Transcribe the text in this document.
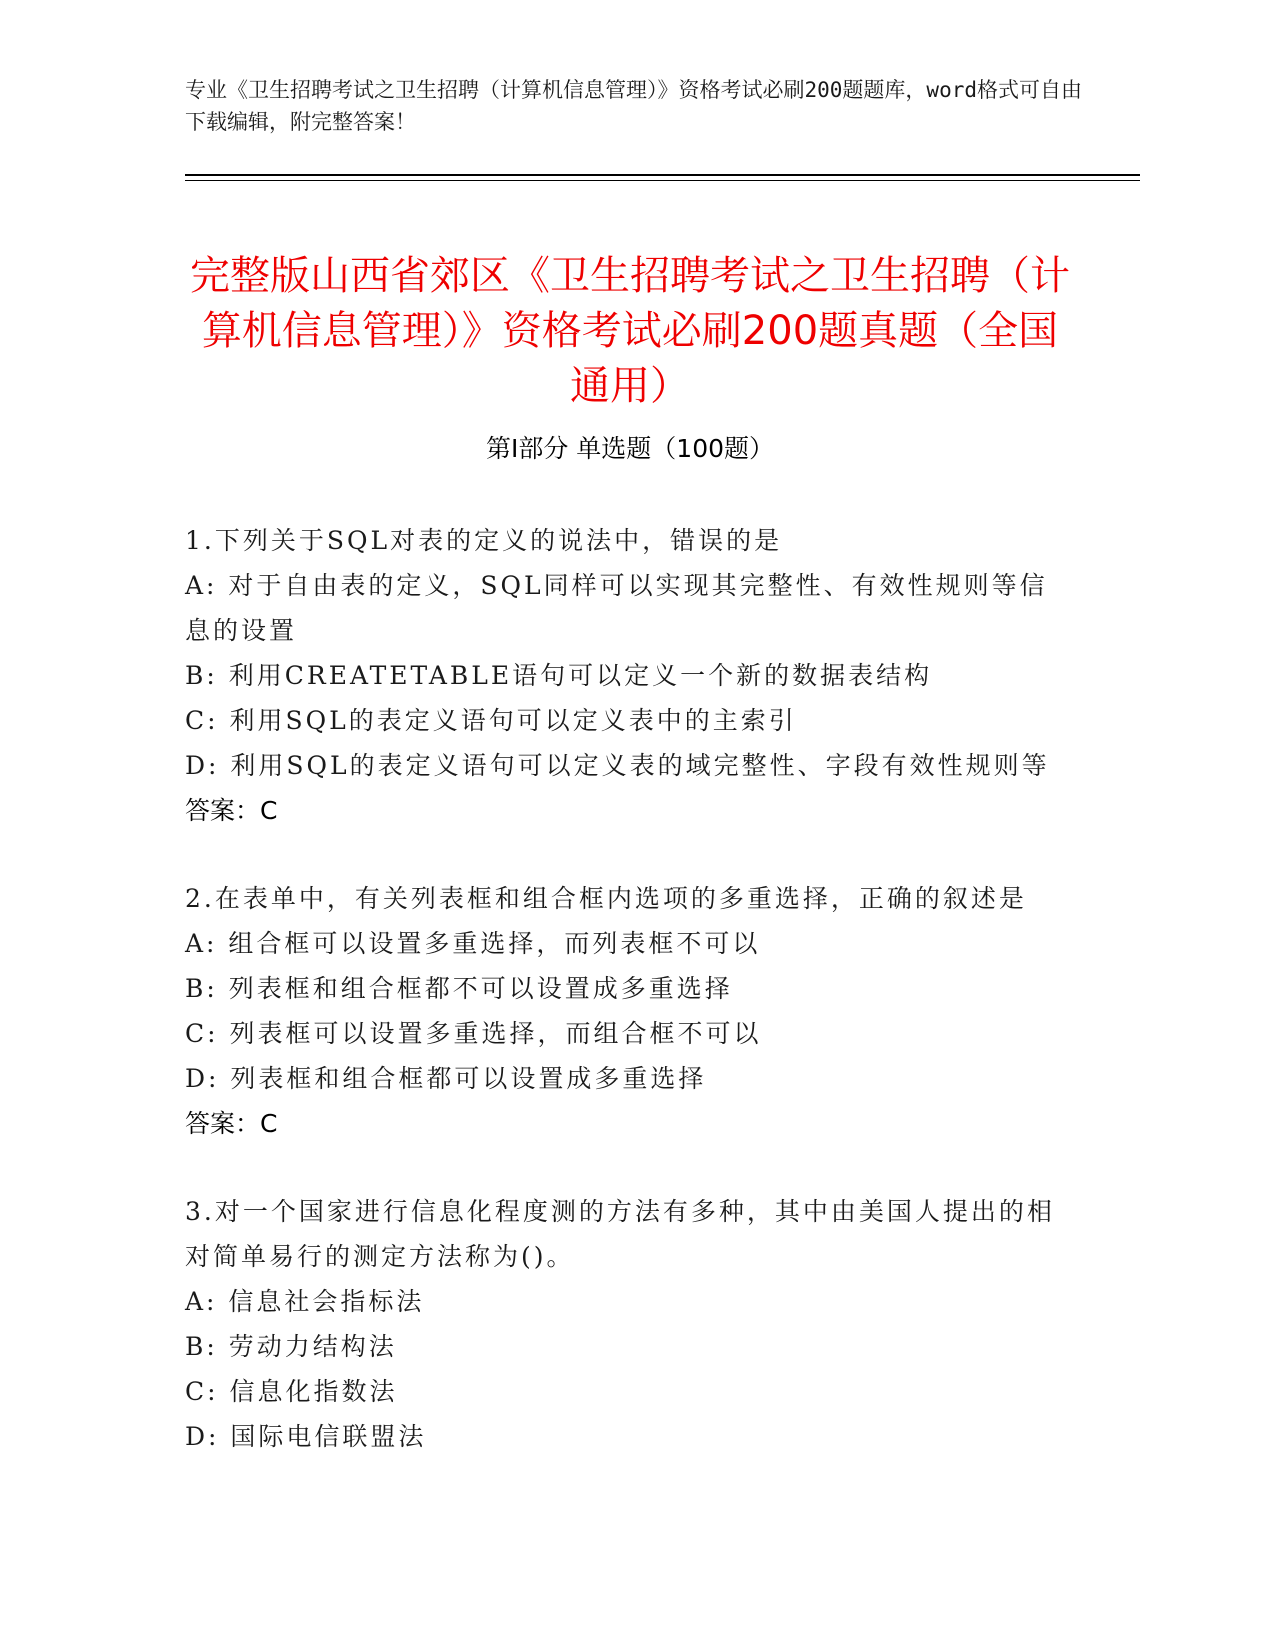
专业《卫生招聘考试之卫生招聘（计算机信息管理）》资格考试必刷200题题库，word格式可自由下载编辑，附完整答案！
完整版山西省郊区《卫生招聘考试之卫生招聘（计算机信息管理）》资格考试必刷200题真题（全国通用）
第Ⅰ部分 单选题（100题）
1.下列关于SQL对表的定义的说法中，错误的是
A: 对于自由表的定义，SQL同样可以实现其完整性、有效性规则等信息的设置
B: 利用CREATETABLE语句可以定义一个新的数据表结构
C: 利用SQL的表定义语句可以定义表中的主索引
D: 利用SQL的表定义语句可以定义表的域完整性、字段有效性规则等
答案：C
2.在表单中，有关列表框和组合框内选项的多重选择，正确的叙述是
A: 组合框可以设置多重选择，而列表框不可以
B: 列表框和组合框都不可以设置成多重选择
C: 列表框可以设置多重选择，而组合框不可以
D: 列表框和组合框都可以设置成多重选择
答案：C
3.对一个国家进行信息化程度测的方法有多种，其中由美国人提出的相对简单易行的测定方法称为()。
A: 信息社会指标法
B: 劳动力结构法
C: 信息化指数法
D: 国际电信联盟法
